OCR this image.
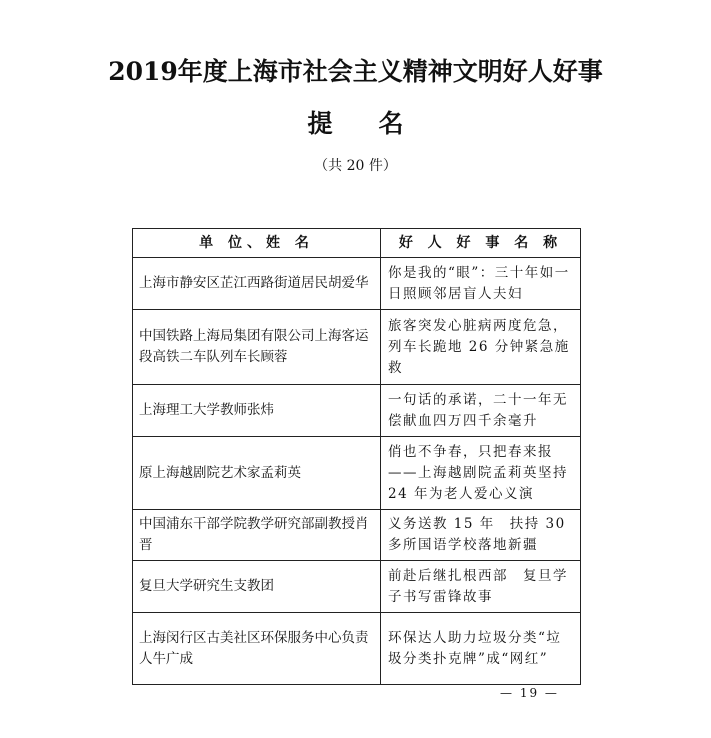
2019年度上海市社会主义精神文明好人好事
提名
（共 20 件）
单 位、姓 名	好 人 好 事 名 称
上海市静安区芷江西路街道居民胡爱华	你是我的“眼”：三十年如一日照顾邻居盲人夫妇
中国铁路上海局集团有限公司上海客运段高铁二车队列车长顾蓉	旅客突发心脏病两度危急，列车长跪地 26 分钟紧急施救
上海理工大学教师张炜	一句话的承诺，二十一年无偿献血四万四千余毫升
原上海越剧院艺术家孟莉英	俏也不争春，只把春来报——上海越剧院孟莉英坚持 24 年为老人爱心义演
中国浦东干部学院教学研究部副教授肖晋	义务送教 15 年　扶持 30 多所国语学校落地新疆
复旦大学研究生支教团	前赴后继扎根西部　复旦学子书写雷锋故事
上海闵行区古美社区环保服务中心负责人牛广成	环保达人助力垃圾分类“垃圾分类扑克牌”成“网红”
— 19 —
